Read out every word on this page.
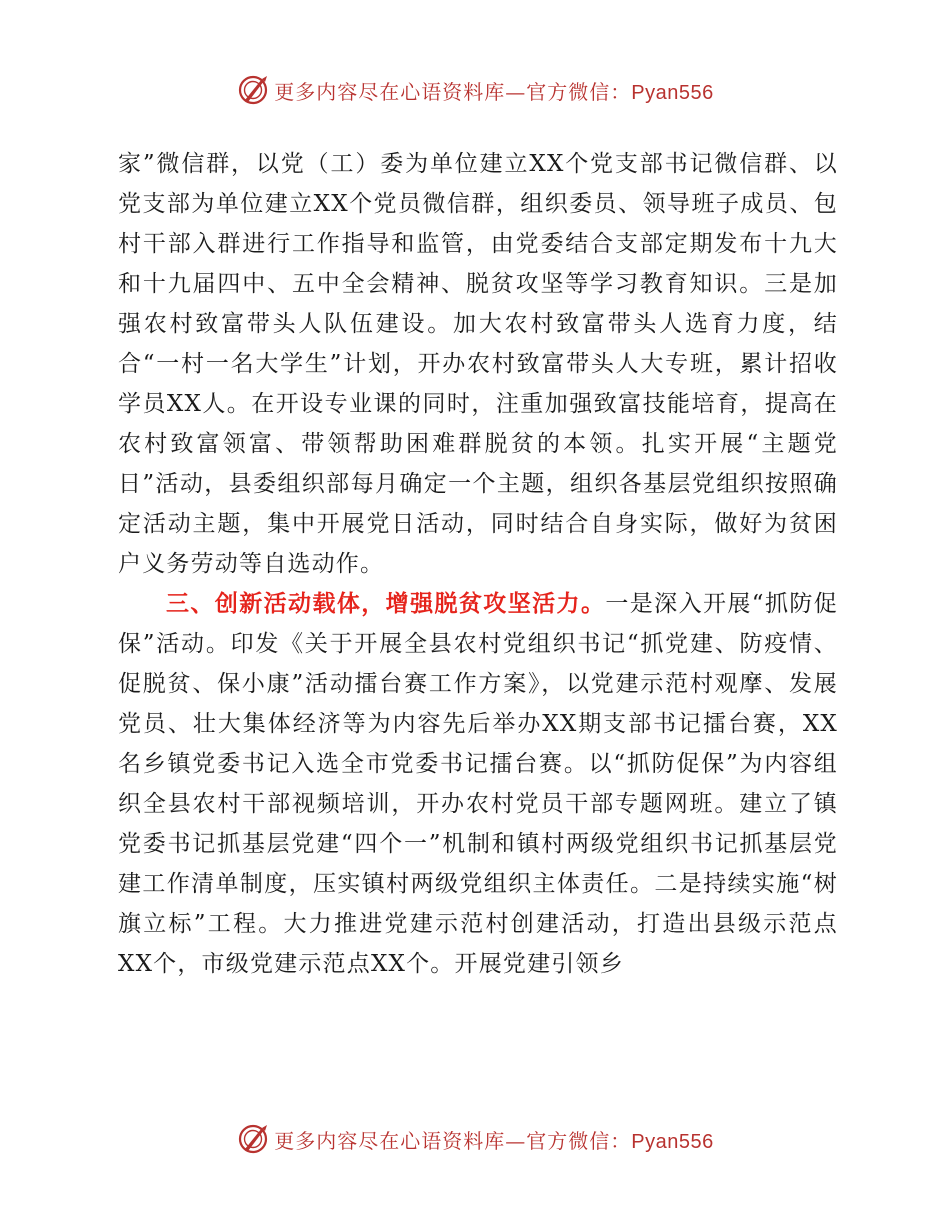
更多内容尽在心语资料库—官方微信：Pyan556

家”微信群，以党（工）委为单位建立XX个党支部书记微信群、以党支部为单位建立XX个党员微信群，组织委员、领导班子成员、包村干部入群进行工作指导和监管，由党委结合支部定期发布十九大和十九届四中、五中全会精神、脱贫攻坚等学习教育知识。三是加强农村致富带头人队伍建设。加大农村致富带头人选育力度，结合“一村一名大学生”计划，开办农村致富带头人大专班，累计招收学员XX人。在开设专业课的同时，注重加强致富技能培育，提高在农村致富领富、带领帮助困难群脱贫的本领。扎实开展“主题党日”活动，县委组织部每月确定一个主题，组织各基层党组织按照确定活动主题，集中开展党日活动，同时结合自身实际，做好为贫困户义务劳动等自选动作。

三、创新活动载体，增强脱贫攻坚活力。一是深入开展“抓防促保”活动。印发《关于开展全县农村党组织书记“抓党建、防疫情、促脱贫、保小康”活动擂台赛工作方案》，以党建示范村观摩、发展党员、壮大集体经济等为内容先后举办XX期支部书记擂台赛，XX名乡镇党委书记入选全市党委书记擂台赛。以“抓防促保”为内容组织全县农村干部视频培训，开办农村党员干部专题网班。建立了镇党委书记抓基层党建“四个一”机制和镇村两级党组织书记抓基层党建工作清单制度，压实镇村两级党组织主体责任。二是持续实施“树旗立标”工程。大力推进党建示范村创建活动，打造出县级示范点XX个，市级党建示范点XX个。开展党建引领乡

更多内容尽在心语资料库—官方微信：Pyan556
